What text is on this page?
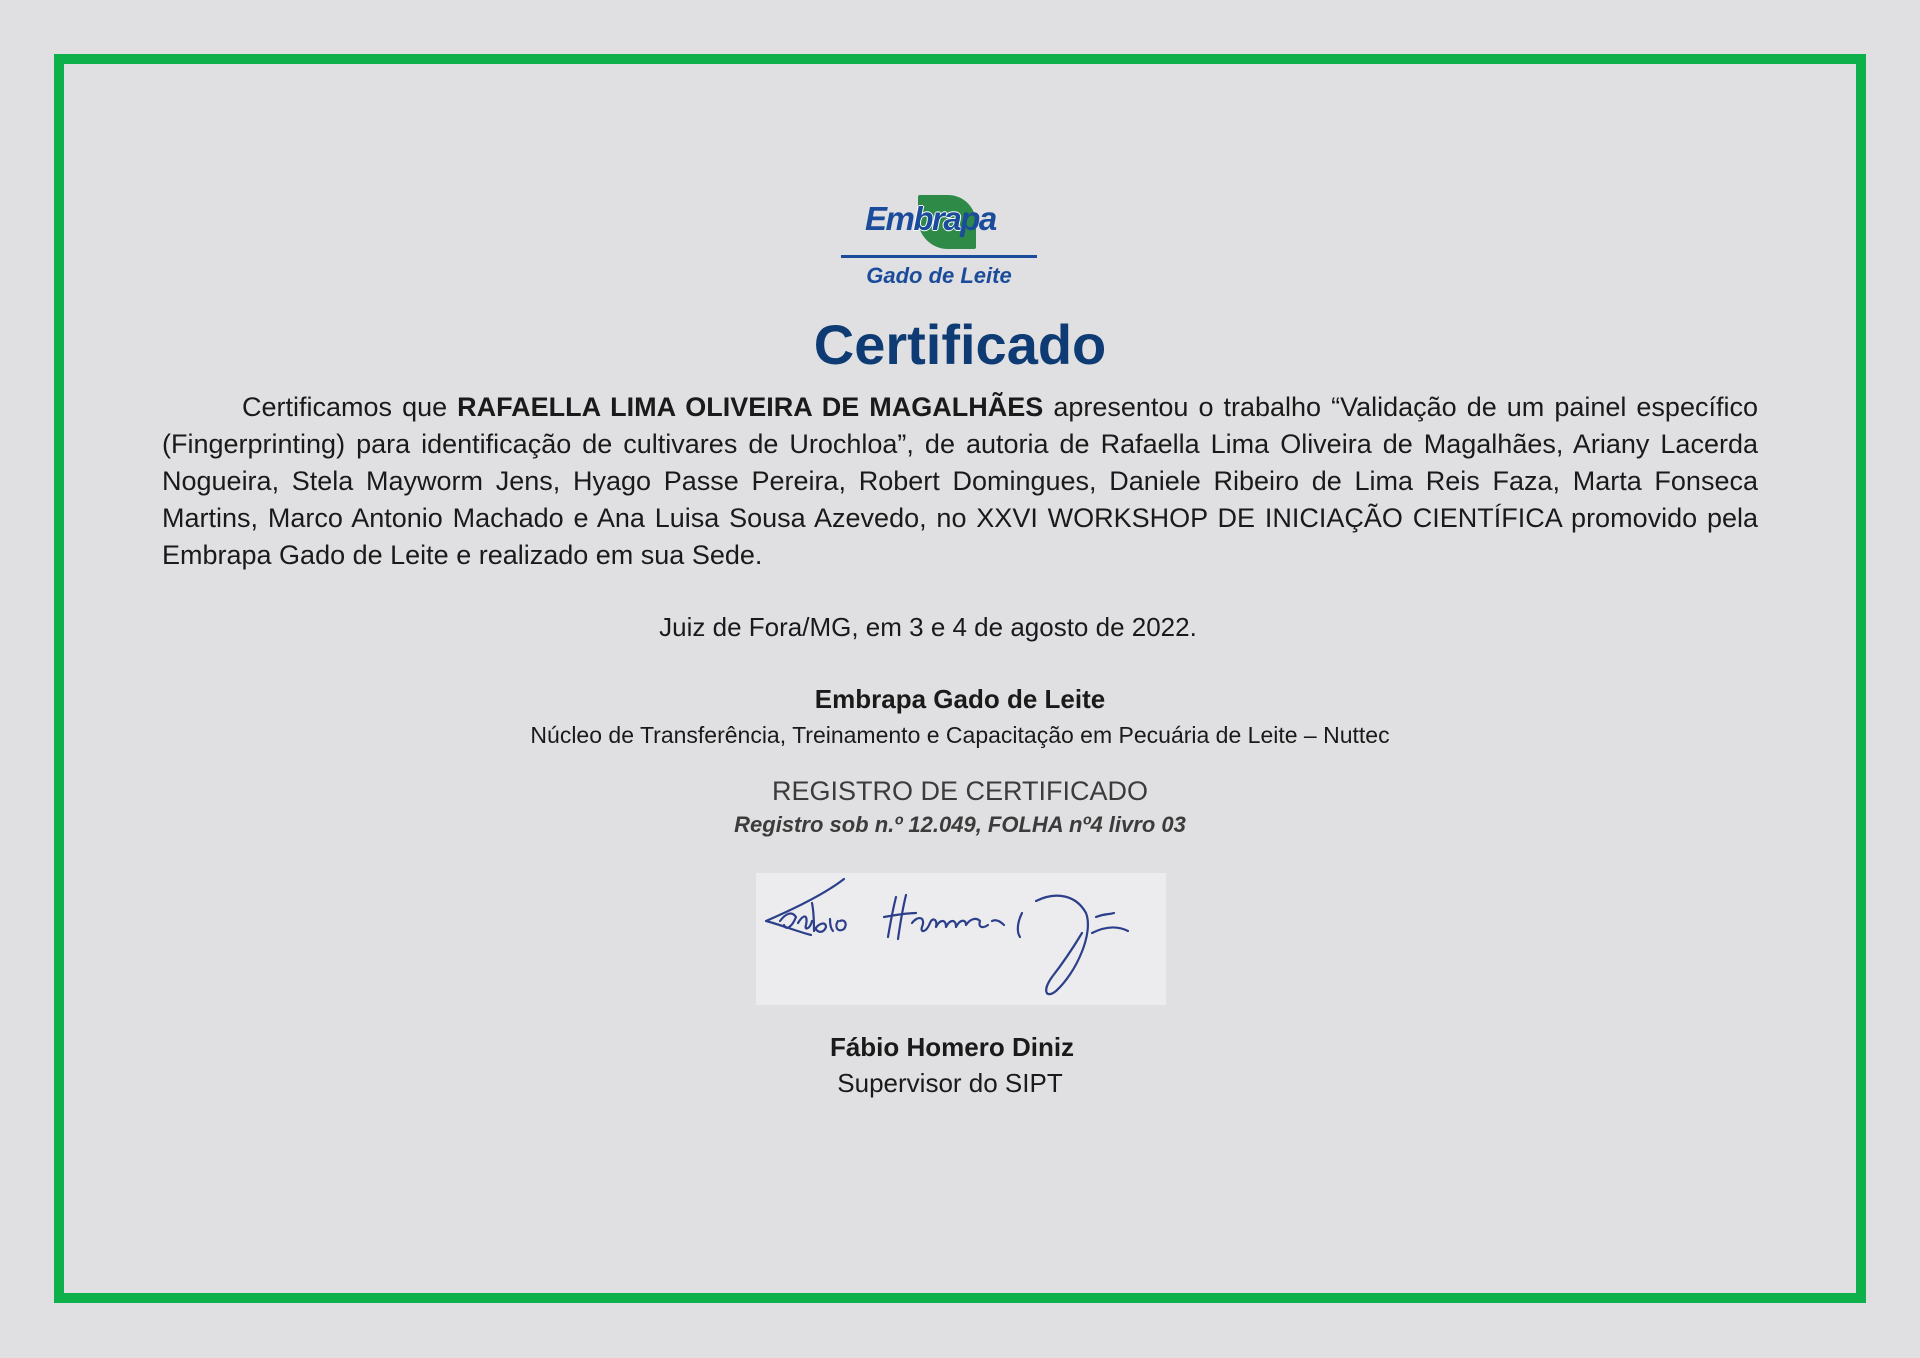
Embrapa
Gado de Leite
Certificado

Certificamos que RAFAELLA LIMA OLIVEIRA DE MAGALHÃES apresentou o trabalho “Validação de um painel específico (Fingerprinting) para identificação de cultivares de Urochloa”, de autoria de Rafaella Lima Oliveira de Magalhães, Ariany Lacerda Nogueira, Stela Mayworm Jens, Hyago Passe Pereira, Robert Domingues, Daniele Ribeiro de Lima Reis Faza, Marta Fonseca Martins, Marco Antonio Machado e Ana Luisa Sousa Azevedo, no XXVI WORKSHOP DE INICIAÇÃO CIENTÍFICA promovido pela Embrapa Gado de Leite e realizado em sua Sede.

Juiz de Fora/MG, em 3 e 4 de agosto de 2022.
Embrapa Gado de Leite
Núcleo de Transferência, Treinamento e Capacitação em Pecuária de Leite – Nuttec
REGISTRO DE CERTIFICADO
Registro sob n.º 12.049, FOLHA nº4 livro 03
Fábio Homero Diniz
Supervisor do SIPT
